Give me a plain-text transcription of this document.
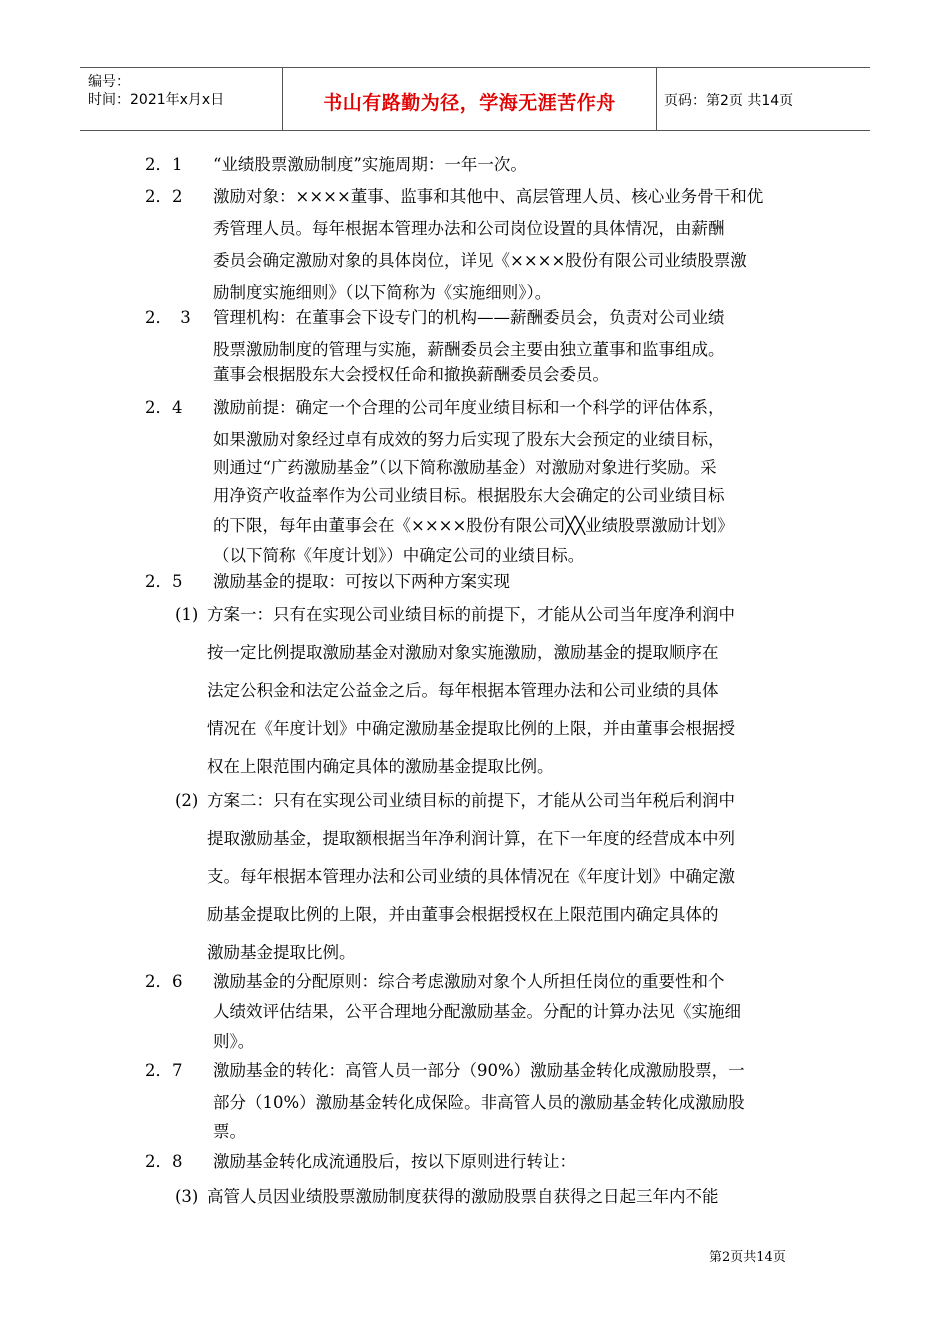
编号：
时间：2021年x月x日	书山有路勤为径，学海无涯苦作舟	页码：第2页 共14页
2．1 “业绩股票激励制度”实施周期：一年一次。
2．2 激励对象：××××董事、监事和其他中、高层管理人员、核心业务骨干和优
秀管理人员。每年根据本管理办法和公司岗位设置的具体情况，由薪酬
委员会确定激励对象的具体岗位，详见《××××股份有限公司业绩股票激
励制度实施细则》（以下简称为《实施细则》）。
2．　3 管理机构：在董事会下设专门的机构——薪酬委员会，负责对公司业绩
股票激励制度的管理与实施，薪酬委员会主要由独立董事和监事组成。
董事会根据股东大会授权任命和撤换薪酬委员会委员。
2．4 激励前提：确定一个合理的公司年度业绩目标和一个科学的评估体系，
如果激励对象经过卓有成效的努力后实现了股东大会预定的业绩目标，
则通过“广药激励基金”（以下简称激励基金）对激励对象进行奖励。采
用净资产收益率作为公司业绩目标。根据股东大会确定的公司业绩目标
的下限，每年由董事会在《××××股份有限公司╳╳业绩股票激励计划》
（以下简称《年度计划》）中确定公司的业绩目标。
2．5 激励基金的提取：可按以下两种方案实现
(1) 方案一：只有在实现公司业绩目标的前提下，才能从公司当年度净利润中
按一定比例提取激励基金对激励对象实施激励，激励基金的提取顺序在
法定公积金和法定公益金之后。每年根据本管理办法和公司业绩的具体
情况在《年度计划》中确定激励基金提取比例的上限，并由董事会根据授
权在上限范围内确定具体的激励基金提取比例。
(2) 方案二：只有在实现公司业绩目标的前提下，才能从公司当年税后利润中
提取激励基金，提取额根据当年净利润计算，在下一年度的经营成本中列
支。每年根据本管理办法和公司业绩的具体情况在《年度计划》中确定激
励基金提取比例的上限，并由董事会根据授权在上限范围内确定具体的
激励基金提取比例。
2．6 激励基金的分配原则：综合考虑激励对象个人所担任岗位的重要性和个
人绩效评估结果，公平合理地分配激励基金。分配的计算办法见《实施细
则》。
2．7 激励基金的转化：高管人员一部分（90%）激励基金转化成激励股票，一
部分（10%）激励基金转化成保险。非高管人员的激励基金转化成激励股
票。
2．8 激励基金转化成流通股后，按以下原则进行转让：
(3) 高管人员因业绩股票激励制度获得的激励股票自获得之日起三年内不能
第2页共14页
